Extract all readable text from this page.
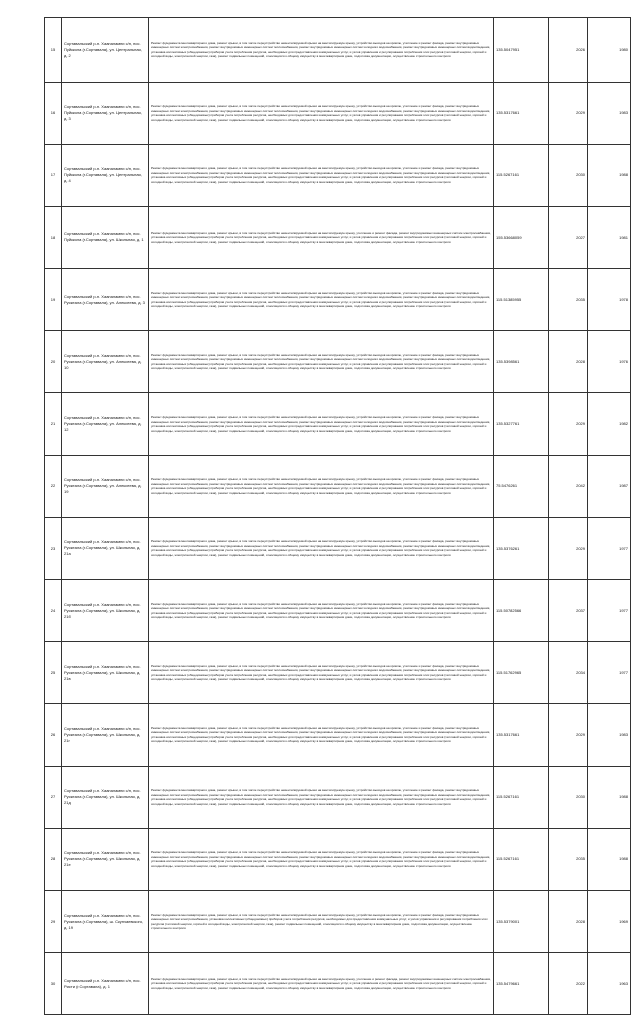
15	Сортавальский р-н. Хаапалампи с/п, пос. Пуйккола (г.Сортавала), ул. Центральная, д. 2	Ремонт фундамента многоквартирного дома, ремонт крыши, в том числе переустройство невентилируемой крыши на вентилируемую крышу, устройство выходов на кровлю, утепление и ремонт фасада, ремонт внутридомовых инженерных систем электроснабжения, ремонт внутридомовых инженерных систем теплоснабжения, ремонт внутридомовых инженерных систем холодного водоснабжения, ремонт внутридомовых инженерных систем водоотведения, установка коллективных (общедомовых) приборов учета потребления ресурсов, необходимых для предоставления коммунальных услуг, и узлов управления и регулирования потребления этих ресурсов (тепловой энергии, горячей и холодной воды, электрической энергии, газа), ремонт подвальных помещений, относящихся к общему имуществу в многоквартирном доме, подготовка документации, осуществление строительного контроля	135.5047951	2026	1980
16	Сортавальский р-н. Хаапалампи с/п, пос. Пуйккола (г.Сортавала), ул. Центральная, д. 3	Ремонт фундамента многоквартирного дома, ремонт крыши, в том числе переустройство невентилируемой крыши на вентилируемую крышу, устройство выходов на кровлю, утепление и ремонт фасада, ремонт внутридомовых инженерных систем электроснабжения, ремонт внутридомовых инженерных систем теплоснабжения, ремонт внутридомовых инженерных систем холодного водоснабжения, ремонт внутридомовых инженерных систем водоотведения, установка коллективных (общедомовых) приборов учета потребления ресурсов, необходимых для предоставления коммунальных услуг, и узлов управления и регулирования потребления этих ресурсов (тепловой энергии, горячей и холодной воды, электрической энергии, газа), ремонт подвальных помещений, относящихся к общему имуществу в многоквартирном доме, подготовка документации, осуществление строительного контроля	135.5317661	2029	1983
17	Сортавальский р-н. Хаапалампи с/п, пос. Пуйккола (г.Сортавала), ул. Центральная, д. 4	Ремонт фундамента многоквартирного дома, ремонт крыши, в том числе переустройство невентилируемой крыши на вентилируемую крышу, устройство выходов на кровлю, утепление и ремонт фасада, ремонт внутридомовых инженерных систем электроснабжения, ремонт внутридомовых инженерных систем теплоснабжения, ремонт внутридомовых инженерных систем холодного водоснабжения, ремонт внутридомовых инженерных систем водоотведения, установка коллективных (общедомовых) приборов учета потребления ресурсов, необходимых для предоставления коммунальных услуг, и узлов управления и регулирования потребления этих ресурсов (тепловой энергии, горячей и холодной воды, электрической энергии, газа), ремонт подвальных помещений, относящихся к общему имуществу в многоквартирном доме, подготовка документации, осуществление строительного контроля	115.5267161	2030	1988
18	Сортавальский р-н. Хаапалампи с/п, пос. Пуйккола (г.Сортавала), ул. Школьная, д. 1	Ремонт фундамента многоквартирного дома, ремонт крыши, в том числе переустройство невентилируемой крыши на вентилируемую крышу, утепление и ремонт фасада, ремонт внутридомовых инженерных систем электроснабжения, установка коллективных (общедомовых) приборов учета потребления ресурсов, необходимых для предоставления коммунальных услуг, и узлов управления и регулирования потребления этих ресурсов (тепловой энергии, горячей и холодной воды, электрической энергии, газа), ремонт подвальных помещений, относящихся к общему имуществу в многоквартирном доме, подготовка документации, осуществление строительного контроля	155.53668059	2027	1981
19	Сортавальский р-н. Хаапалампи с/п, пос. Рускеала (г.Сортавала), ул. Алексеева, д. 3	Ремонт фундамента многоквартирного дома, ремонт крыши, в том числе переустройство невентилируемой крыши на вентилируемую крышу, устройство выходов на кровлю, утепление и ремонт фасада, ремонт внутридомовых инженерных систем электроснабжения, ремонт внутридомовых инженерных систем теплоснабжения, ремонт внутридомовых инженерных систем холодного водоснабжения, ремонт внутридомовых инженерных систем водоотведения, установка коллективных (общедомовых) приборов учета потребления ресурсов, необходимых для предоставления коммунальных услуг, и узлов управления и регулирования потребления этих ресурсов (тепловой энергии, горячей и холодной воды, электрической энергии, газа), ремонт подвальных помещений, относящихся к общему имуществу в многоквартирном доме, подготовка документации, осуществление строительного контроля	115.51385955	2035	1978
20	Сортавальский р-н. Хаапалампи с/п, пос. Рускеала (г.Сортавала), ул. Алексеева, д. 10	Ремонт фундамента многоквартирного дома, ремонт крыши, в том числе переустройство невентилируемой крыши на вентилируемую крышу, устройство выходов на кровлю, утепление и ремонт фасада, ремонт внутридомовых инженерных систем электроснабжения, ремонт внутридомовых инженерных систем теплоснабжения, ремонт внутридомовых инженерных систем холодного водоснабжения, ремонт внутридомовых инженерных систем водоотведения, установка коллективных (общедомовых) приборов учета потребления ресурсов, необходимых для предоставления коммунальных услуг, и узлов управления и регулирования потребления этих ресурсов (тепловой энергии, горячей и холодной воды, электрической энергии, газа), ремонт подвальных помещений, относящихся к общему имуществу в многоквартирном доме, подготовка документации, осуществление строительного контроля	135.5398561	2028	1976
21	Сортавальский р-н. Хаапалампи с/п, пос. Рускеала (г.Сортавала), ул. Алексеева, д. 12	Ремонт фундамента многоквартирного дома, ремонт крыши, в том числе переустройство невентилируемой крыши на вентилируемую крышу, устройство выходов на кровлю, утепление и ремонт фасада, ремонт внутридомовых инженерных систем электроснабжения, ремонт внутридомовых инженерных систем теплоснабжения, ремонт внутридомовых инженерных систем холодного водоснабжения, ремонт внутридомовых инженерных систем водоотведения, установка коллективных (общедомовых) приборов учета потребления ресурсов, необходимых для предоставления коммунальных услуг, и узлов управления и регулирования потребления этих ресурсов (тепловой энергии, горячей и холодной воды, электрической энергии, газа), ремонт подвальных помещений, относящихся к общему имуществу в многоквартирном доме, подготовка документации, осуществление строительного контроля	135.5327761	2029	1982
22	Сортавальский р-н. Хаапалампи с/п, пос. Рускеала (г.Сортавала), ул. Алексеева, д. 19	Ремонт фундамента многоквартирного дома, ремонт крыши, в том числе переустройство невентилируемой крыши на вентилируемую крышу, устройство выходов на кровлю, утепление и ремонт фасада, ремонт внутридомовых инженерных систем электроснабжения, ремонт внутридомовых инженерных систем теплоснабжения, ремонт внутридомовых инженерных систем холодного водоснабжения, ремонт внутридомовых инженерных систем водоотведения, установка коллективных (общедомовых) приборов учета потребления ресурсов, необходимых для предоставления коммунальных услуг, и узлов управления и регулирования потребления этих ресурсов (тепловой энергии, горячей и холодной воды, электрической энергии, газа), ремонт подвальных помещений, относящихся к общему имуществу в многоквартирном доме, подготовка документации, осуществление строительного контроля	75.5476261	2042	1987
23	Сортавальский р-н. Хаапалампи с/п, пос. Рускеала (г.Сортавала), ул. Школьная, д. 21а	Ремонт фундамента многоквартирного дома, ремонт крыши, в том числе переустройство невентилируемой крыши на вентилируемую крышу, устройство выходов на кровлю, утепление и ремонт фасада, ремонт внутридомовых инженерных систем электроснабжения, ремонт внутридомовых инженерных систем теплоснабжения, ремонт внутридомовых инженерных систем холодного водоснабжения, ремонт внутридомовых инженерных систем водоотведения, установка коллективных (общедомовых) приборов учета потребления ресурсов, необходимых для предоставления коммунальных услуг, и узлов управления и регулирования потребления этих ресурсов (тепловой энергии, горячей и холодной воды, электрической энергии, газа), ремонт подвальных помещений, относящихся к общему имуществу в многоквартирном доме, подготовка документации, осуществление строительного контроля	135.5376261	2029	1977
24	Сортавальский р-н. Хаапалампи с/п, пос. Рускеала (г.Сортавала), ул. Школьная, д. 21б	Ремонт фундамента многоквартирного дома, ремонт крыши, в том числе переустройство невентилируемой крыши на вентилируемую крышу, устройство выходов на кровлю, утепление и ремонт фасада, ремонт внутридомовых инженерных систем электроснабжения, ремонт внутридомовых инженерных систем теплоснабжения, ремонт внутридомовых инженерных систем холодного водоснабжения, ремонт внутридомовых инженерных систем водоотведения, установка коллективных (общедомовых) приборов учета потребления ресурсов, необходимых для предоставления коммунальных услуг, и узлов управления и регулирования потребления этих ресурсов (тепловой энергии, горячей и холодной воды, электрической энергии, газа), ремонт подвальных помещений, относящихся к общему имуществу в многоквартирном доме, подготовка документации, осуществление строительного контроля	115.50782566	2037	1977
25	Сортавальский р-н. Хаапалампи с/п, пос. Рускеала (г.Сортавала), ул. Школьная, д. 21в	Ремонт фундамента многоквартирного дома, ремонт крыши, в том числе переустройство невентилируемой крыши на вентилируемую крышу, устройство выходов на кровлю, утепление и ремонт фасада, ремонт внутридомовых инженерных систем электроснабжения, ремонт внутридомовых инженерных систем теплоснабжения, ремонт внутридомовых инженерных систем холодного водоснабжения, ремонт внутридомовых инженерных систем водоотведения, установка коллективных (общедомовых) приборов учета потребления ресурсов, необходимых для предоставления коммунальных услуг, и узлов управления и регулирования потребления этих ресурсов (тепловой энергии, горячей и холодной воды, электрической энергии, газа), ремонт подвальных помещений, относящихся к общему имуществу в многоквартирном доме, подготовка документации, осуществление строительного контроля	115.51762965	2034	1977
26	Сортавальский р-н. Хаапалампи с/п, пос. Рускеала (г.Сортавала), ул. Школьная, д. 21г	Ремонт фундамента многоквартирного дома, ремонт крыши, в том числе переустройство невентилируемой крыши на вентилируемую крышу, устройство выходов на кровлю, утепление и ремонт фасада, ремонт внутридомовых инженерных систем электроснабжения, ремонт внутридомовых инженерных систем теплоснабжения, ремонт внутридомовых инженерных систем холодного водоснабжения, ремонт внутридомовых инженерных систем водоотведения, установка коллективных (общедомовых) приборов учета потребления ресурсов, необходимых для предоставления коммунальных услуг, и узлов управления и регулирования потребления этих ресурсов (тепловой энергии, горячей и холодной воды, электрической энергии, газа), ремонт подвальных помещений, относящихся к общему имуществу в многоквартирном доме, подготовка документации, осуществление строительного контроля	135.5317661	2029	1983
27	Сортавальский р-н. Хаапалампи с/п, пос. Рускеала (г.Сортавала), ул. Школьная, д. 21д	Ремонт фундамента многоквартирного дома, ремонт крыши, в том числе переустройство невентилируемой крыши на вентилируемую крышу, устройство выходов на кровлю, утепление и ремонт фасада, ремонт внутридомовых инженерных систем электроснабжения, ремонт внутридомовых инженерных систем теплоснабжения, ремонт внутридомовых инженерных систем холодного водоснабжения, ремонт внутридомовых инженерных систем водоотведения, установка коллективных (общедомовых) приборов учета потребления ресурсов, необходимых для предоставления коммунальных услуг, и узлов управления и регулирования потребления этих ресурсов (тепловой энергии, горячей и холодной воды, электрической энергии, газа), ремонт подвальных помещений, относящихся к общему имуществу в многоквартирном доме, подготовка документации, осуществление строительного контроля	115.5267161	2030	1988
28	Сортавальский р-н. Хаапалампи с/п, пос. Рускеала (г.Сортавала), ул. Школьная, д. 21е	Ремонт фундамента многоквартирного дома, ремонт крыши, в том числе переустройство невентилируемой крыши на вентилируемую крышу, устройство выходов на кровлю, утепление и ремонт фасада, ремонт внутридомовых инженерных систем электроснабжения, ремонт внутридомовых инженерных систем теплоснабжения, ремонт внутридомовых инженерных систем холодного водоснабжения, ремонт внутридомовых инженерных систем водоотведения, установка коллективных (общедомовых) приборов учета потребления ресурсов, необходимых для предоставления коммунальных услуг, и узлов управления и регулирования потребления этих ресурсов (тепловой энергии, горячей и холодной воды, электрической энергии, газа), ремонт подвальных помещений, относящихся к общему имуществу в многоквартирном доме, подготовка документации, осуществление строительного контроля	115.5267161	2035	1988
29	Сортавальский р-н. Хаапалампи с/п, пос. Рускеала (г.Сортавала), ш. Скупчаевского, д. 19	Ремонт фундамента многоквартирного дома, ремонт крыши, в том числе переустройство невентилируемой крыши на вентилируемую крышу, устройство выходов на кровлю, утепление и ремонт фасада, ремонт внутридомовых инженерных систем электроснабжения, установка коллективных (общедомовых) приборов учета потребления ресурсов, необходимых для предоставления коммунальных услуг, и узлов управления и регулирования потребления этих ресурсов (тепловой энергии, горячей и холодной воды, электрической энергии, газа), ремонт подвальных помещений, относящихся к общему имуществу в многоквартирном доме, подготовка документации, осуществление строительного контроля	135.5379001	2028	1969
30	Сортавальский р-н. Хаапалампи с/п, пос. Ристи (г.Сортавала), д. 1	Ремонт фундамента многоквартирного дома, ремонт крыши, в том числе переустройство невентилируемой крыши на вентилируемую крышу, утепление и ремонт фасада, ремонт внутридомовых инженерных систем электроснабжения, установка коллективных (общедомовых) приборов учета потребления ресурсов, необходимых для предоставления коммунальных услуг, и узлов управления и регулирования потребления этих ресурсов (тепловой энергии, горячей и холодной воды, электрической энергии, газа), ремонт подвальных помещений, относящихся к общему имуществу в многоквартирном доме, подготовка документации, осуществление строительного контроля	135.5479661	2022	1963
